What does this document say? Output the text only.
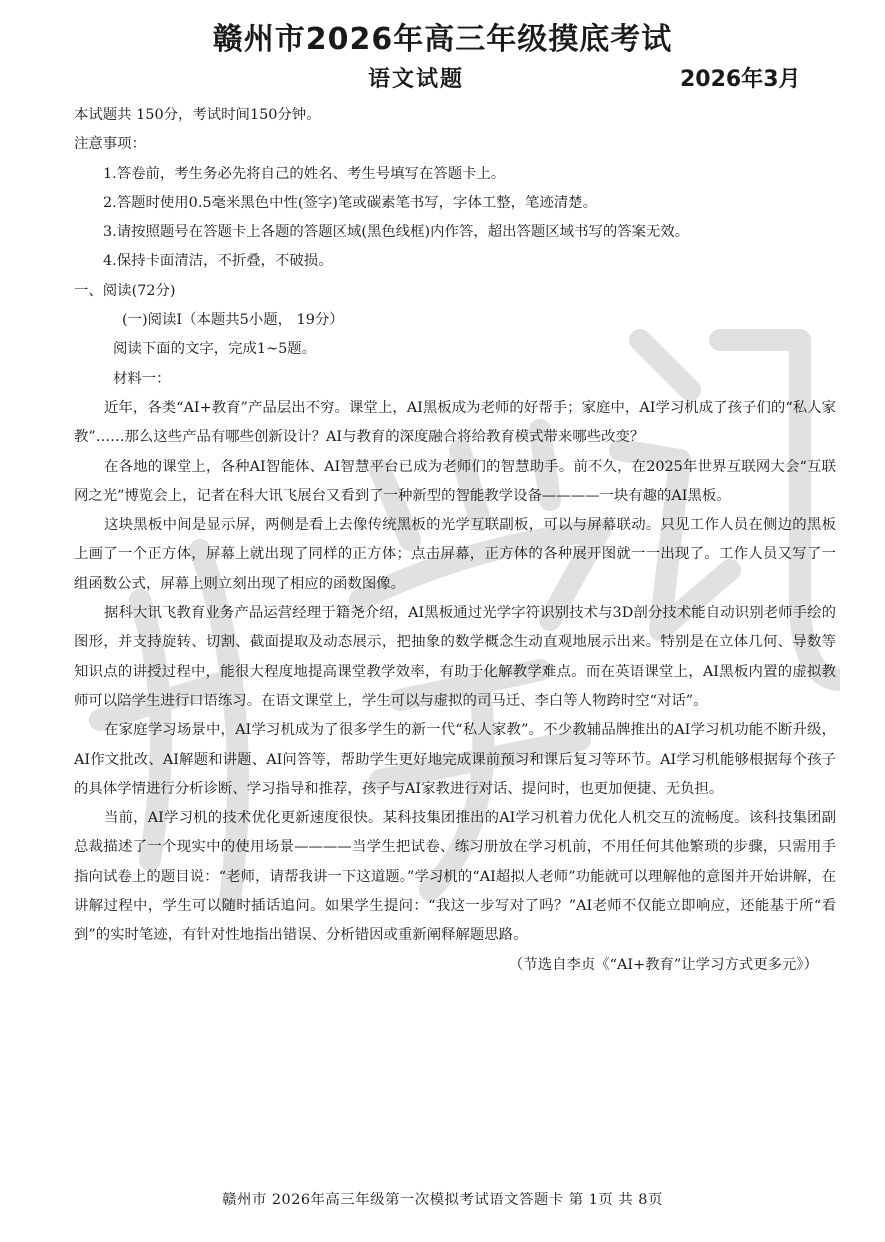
赣州市2026年高三年级摸底考试
语文试题	2026年3月

本试题共 150分，考试时间150分钟。

注意事项：

1.答卷前，考生务必先将自己的姓名、考生号填写在答题卡上。

2.答题时使用0.5毫米黑色中性(签字)笔或碳素笔书写，字体工整，笔迹清楚。

3.请按照题号在答题卡上各题的答题区域(黑色线框)内作答，超出答题区域书写的答案无效。

4.保持卡面清洁，不折叠，不破损。

一、阅读(72分)

(一)阅读Ⅰ（本题共5小题， 19分）

阅读下面的文字，完成1~5题。

材料一：

近年，各类“AI+教育”产品层出不穷。课堂上，AI黑板成为老师的好帮手；家庭中，AI学习机成了孩子们的“私人家教”……那么这些产品有哪些创新设计？AI与教育的深度融合将给教育模式带来哪些改变？

在各地的课堂上，各种AI智能体、AI智慧平台已成为老师们的智慧助手。前不久，在2025年世界互联网大会“互联网之光”博览会上，记者在科大讯飞展台又看到了一种新型的智能教学设备————一块有趣的AI黑板。

这块黑板中间是显示屏，两侧是看上去像传统黑板的光学互联副板，可以与屏幕联动。只见工作人员在侧边的黑板上画了一个正方体，屏幕上就出现了同样的正方体；点击屏幕，正方体的各种展开图就一一出现了。工作人员又写了一组函数公式，屏幕上则立刻出现了相应的函数图像。

据科大讯飞教育业务产品运营经理于籍尧介绍，AI黑板通过光学字符识别技术与3D剖分技术能自动识别老师手绘的图形，并支持旋转、切割、截面提取及动态展示，把抽象的数学概念生动直观地展示出来。特别是在立体几何、导数等知识点的讲授过程中，能很大程度地提高课堂教学效率，有助于化解教学难点。而在英语课堂上，AI黑板内置的虚拟教师可以陪学生进行口语练习。在语文课堂上，学生可以与虚拟的司马迁、李白等人物跨时空“对话”。

在家庭学习场景中，AI学习机成为了很多学生的新一代“私人家教”。不少教辅品牌推出的AI学习机功能不断升级，AI作文批改、AI解题和讲题、AI问答等，帮助学生更好地完成课前预习和课后复习等环节。AI学习机能够根据每个孩子的具体学情进行分析诊断、学习指导和推荐，孩子与AI家教进行对话、提问时，也更加便捷、无负担。

当前，AI学习机的技术优化更新速度很快。某科技集团推出的AI学习机着力优化人机交互的流畅度。该科技集团副总裁描述了一个现实中的使用场景————当学生把试卷、练习册放在学习机前，不用任何其他繁琐的步骤，只需用手指向试卷上的题目说：“老师，请帮我讲一下这道题。”学习机的“AI超拟人老师”功能就可以理解他的意图并开始讲解，在讲解过程中，学生可以随时插话追问。如果学生提问：“我这一步写对了吗？”AI老师不仅能立即响应，还能基于所“看到”的实时笔迹，有针对性地指出错误、分析错因或重新阐释解题思路。

（节选自李贞《“AI+教育”让学习方式更多元》）

赣州市 2026年高三年级第一次模拟考试语文答题卡 第 1页 共 8页
